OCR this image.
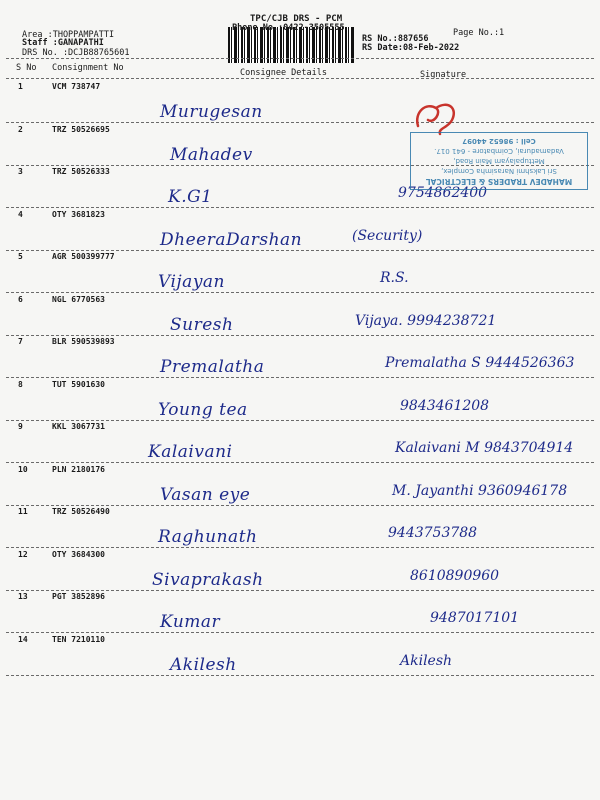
TPC/CJB DRS - PCM
Phone No.:0422-3505555
Area :THOPPAMPATTI
Staff :GANAPATHI
DRS No. :DCJB88765601
Page No.:1
RS No.:887656
RS Date:08-Feb-2022
S No Consignment No	Consignee Details	Signature
1	VCM 738747
Murugesan
2	TRZ 50526695
Mahadev
3	TRZ 50526333
K.G1	9754862400
4	OTY 3681823
DheeraDarshan	(Security)
5	AGR 500399777
Vijayan	R.S.
6	NGL 6770563
Suresh	Vijaya. 9994238721
7	BLR 590539893
Premalatha	Premalatha S 9444526363
8	TUT 5901630
Young tea	9843461208
9	KKL 3067731
Kalaivani	Kalaivani M 9843704914
10	PLN 2180176
Vasan eye	M. Jayanthi 9360946178
11	TRZ 50526490
Raghunath	9443753788
12	OTY 3684300
Sivaprakash	8610890960
13	PGT 3852896
Kumar	9487017101
14	TEN 7210110
Akilesh	Akilesh
MAHADEV TRADERS & ELECTRICAL
Sri Lakshmi Narasimha Complex,
Mettupalayam Main Road,
Vadamadurai, Coimbatore - 641 017.
Cell : 98652 44097
